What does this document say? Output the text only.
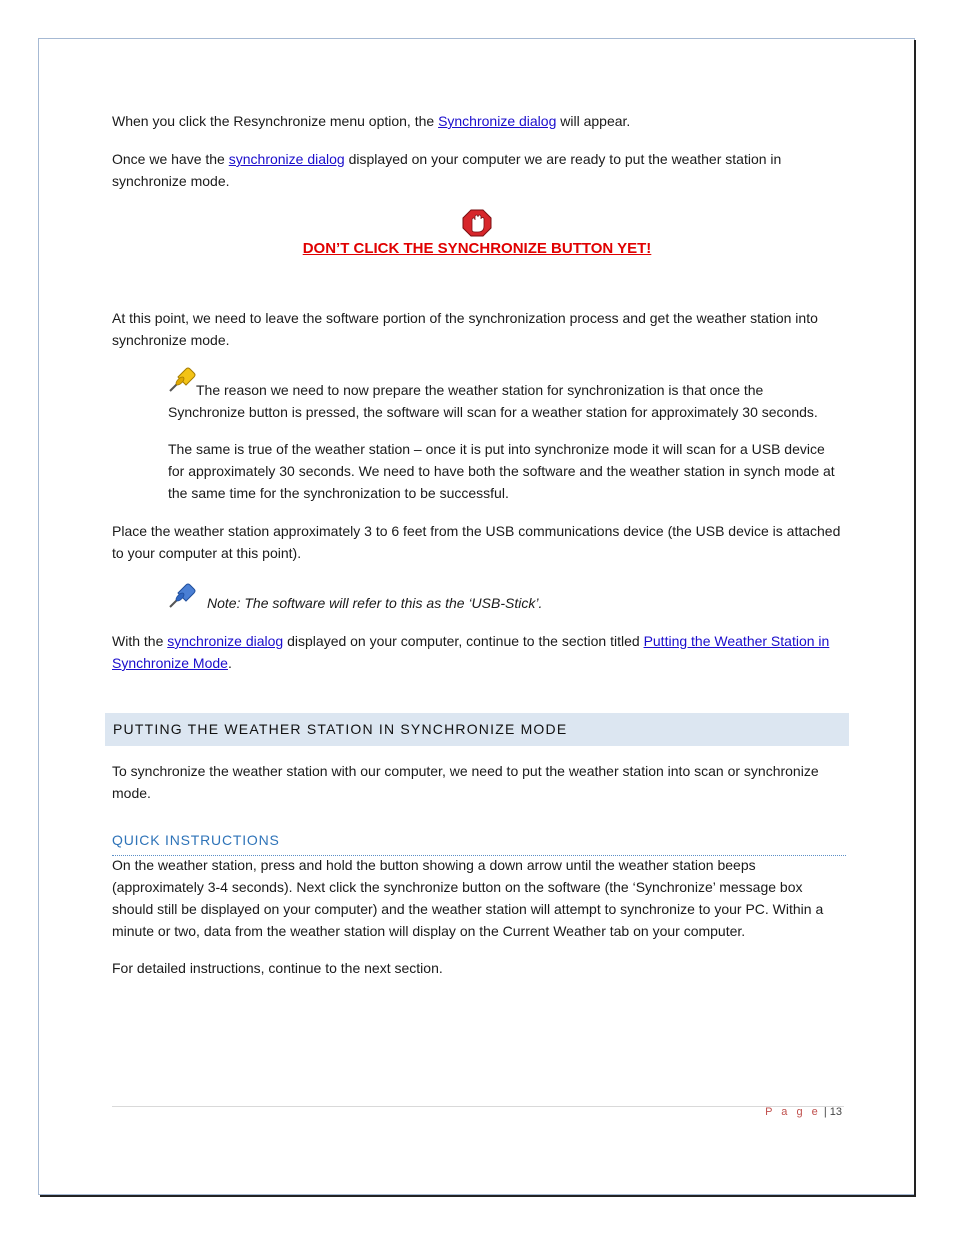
When you click the Resynchronize menu option, the Synchronize dialog will appear.

Once we have the synchronize dialog displayed on your computer we are ready to put the weather station in synchronize mode.

DON’T CLICK THE SYNCHRONIZE BUTTON YET!

At this point, we need to leave the software portion of the synchronization process and get the weather station into synchronize mode.

The reason we need to now prepare the weather station for synchronization is that once the Synchronize button is pressed, the software will scan for a weather station for approximately 30 seconds.

The same is true of the weather station – once it is put into synchronize mode it will scan for a USB device for approximately 30 seconds. We need to have both the software and the weather station in synch mode at the same time for the synchronization to be successful.

Place the weather station approximately 3 to 6 feet from the USB communications device (the USB device is attached to your computer at this point).

Note: The software will refer to this as the ‘USB-Stick’.

With the synchronize dialog displayed on your computer, continue to the section titled Putting the Weather Station in Synchronize Mode.

PUTTING THE WEATHER STATION IN SYNCHRONIZE MODE

To synchronize the weather station with our computer, we need to put the weather station into scan or synchronize mode.

QUICK INSTRUCTIONS

On the weather station, press and hold the button showing a down arrow until the weather station beeps (approximately 3-4 seconds). Next click the synchronize button on the software (the ‘Synchronize’ message box should still be displayed on your computer) and the weather station will attempt to synchronize to your PC. Within a minute or two, data from the weather station will display on the Current Weather tab on your computer.

For detailed instructions, continue to the next section.

P a g e | 13
